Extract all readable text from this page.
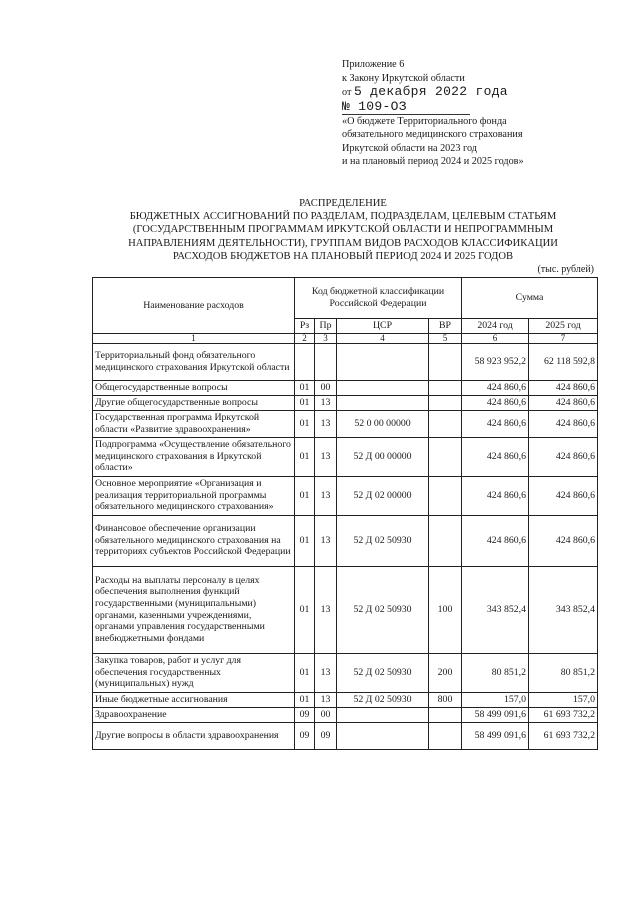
Приложение 6
к Закону Иркутской области
от 5 декабря 2022 года
№ 109-ОЗ
«О бюджете Территориального фонда
обязательного медицинского страхования
Иркутской области на 2023 год
и на плановый период 2024 и 2025 годов»
РАСПРЕДЕЛЕНИЕ
БЮДЖЕТНЫХ АССИГНОВАНИЙ ПО РАЗДЕЛАМ, ПОДРАЗДЕЛАМ, ЦЕЛЕВЫМ СТАТЬЯМ
(ГОСУДАРСТВЕННЫМ ПРОГРАММАМ ИРКУТСКОЙ ОБЛАСТИ И НЕПРОГРАММНЫМ
НАПРАВЛЕНИЯМ ДЕЯТЕЛЬНОСТИ), ГРУППАМ ВИДОВ РАСХОДОВ КЛАССИФИКАЦИИ
РАСХОДОВ БЮДЖЕТОВ НА ПЛАНОВЫЙ ПЕРИОД 2024 И 2025 ГОДОВ
(тыс. рублей)
Наименование расходов	Код бюджетной классификации Российской Федерации				Сумма	
	Рз	Пр	ЦСР	ВР	2024 год	2025 год
1	2	3	4	5	6	7
Территориальный фонд обязательного медицинского страхования Иркутской области					58 923 952,2	62 118 592,8
Общегосударственные вопросы	01	00			424 860,6	424 860,6
Другие общегосударственные вопросы	01	13			424 860,6	424 860,6
Государственная программа Иркутской области «Развитие здравоохранения»	01	13	52 0 00 00000		424 860,6	424 860,6
Подпрограмма «Осуществление обязательного медицинского страхования в Иркутской области»	01	13	52 Д 00 00000		424 860,6	424 860,6
Основное мероприятие «Организация и реализация территориальной программы обязательного медицинского страхования»	01	13	52 Д 02 00000		424 860,6	424 860,6
Финансовое обеспечение организации обязательного медицинского страхования на территориях субъектов Российской Федерации	01	13	52 Д 02 50930		424 860,6	424 860,6
Расходы на выплаты персоналу в целях обеспечения выполнения функций государственными (муниципальными) органами, казенными учреждениями, органами управления государственными внебюджетными фондами	01	13	52 Д 02 50930	100	343 852,4	343 852,4
Закупка товаров, работ и услуг для обеспечения государственных (муниципальных) нужд	01	13	52 Д 02 50930	200	80 851,2	80 851,2
Иные бюджетные ассигнования	01	13	52 Д 02 50930	800	157,0	157,0
Здравоохранение	09	00			58 499 091,6	61 693 732,2
Другие вопросы в области здравоохранения	09	09			58 499 091,6	61 693 732,2
